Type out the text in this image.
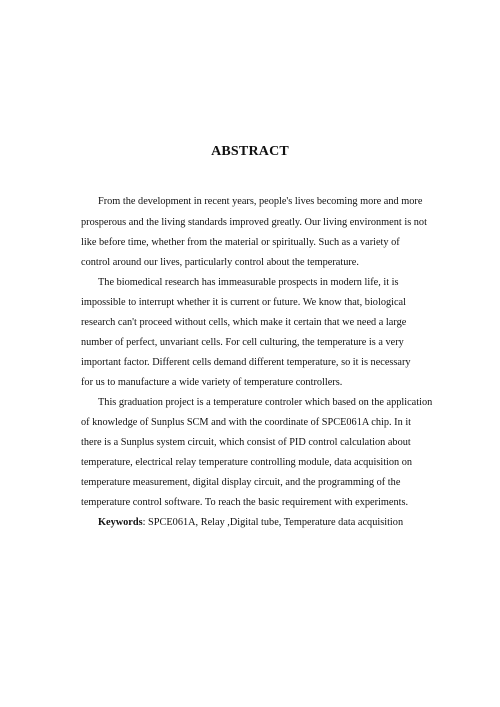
ABSTRACT
From the development in recent years, people's lives becoming more and more
prosperous and the living standards improved greatly. Our living environment is not
like before time, whether from the material or spiritually. Such as a variety of
control around our lives, particularly control about the temperature.
The biomedical research has immeasurable prospects in modern life, it is
impossible to interrupt whether it is current or future. We know that, biological
research can't proceed without cells, which make it certain that we need a large
number of perfect, unvariant cells. For cell culturing, the temperature is a very
important factor. Different cells demand different temperature, so it is necessary
for us to manufacture a wide variety of temperature controllers.
This graduation project is a temperature controler which based on the application
of knowledge of Sunplus SCM and with the coordinate of SPCE061A chip. In it
there is a Sunplus system circuit, which consist of PID control calculation about
temperature, electrical relay temperature controlling module, data acquisition on
temperature measurement, digital display circuit, and the programming of the
temperature control software. To reach the basic requirement with experiments.
Keywords: SPCE061A, Relay ,Digital tube, Temperature data acquisition
